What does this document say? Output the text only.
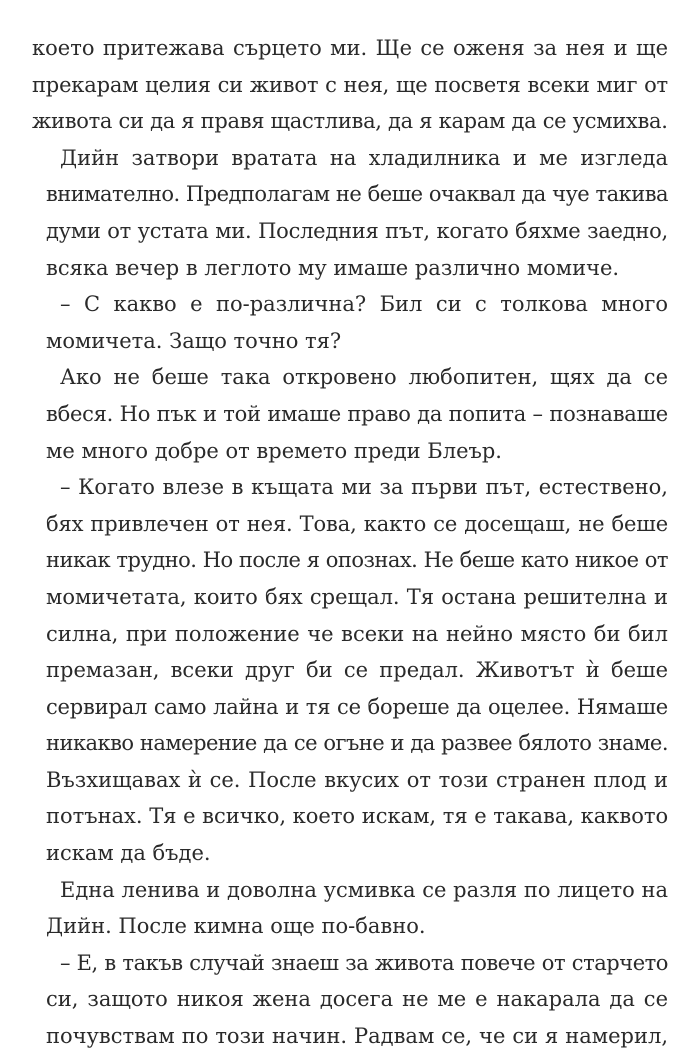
което притежава сърцето ми. Ще се оженя за нея и ще
прекарам целия си живот с нея, ще посветя всеки миг от
живота си да я правя щастлива, да я карам да се усмихва.

Дийн затвори вратата на хладилника и ме изгледа
внимателно. Предполагам не беше очаквал да чуе такива
думи от устата ми. Последния път, когато бяхме заедно,
всяка вечер в леглото му имаше различно момиче.

– С какво е по-различна? Бил си с толкова много
момичета. Защо точно тя?

Ако не беше така откровено любопитен, щях да се
вбеся. Но пък и той имаше право да попита – познаваше
ме много добре от времето преди Блеър.

– Когато влезе в къщата ми за първи път, естествено,
бях привлечен от нея. Това, както се досещаш, не беше
никак трудно. Но после я опознах. Не беше като никое от
момичетата, които бях срещал. Тя остана решителна и
силна, при положение че всеки на нейно място би бил
премазан, всеки друг би се предал. Животът ѝ беше
сервирал само лайна и тя се бореше да оцелее. Нямаше
никакво намерение да се огъне и да развее бялото знаме.
Възхищавах ѝ се. После вкусих от този странен плод и
потънах. Тя е всичко, което искам, тя е такава, каквото
искам да бъде.

Една ленива и доволна усмивка се разля по лицето на
Дийн. После кимна още по-бавно.

– Е, в такъв случай знаеш за живота повече от старчето
си, защото никоя жена досега не ме е накарала да се
почувствам по този начин. Радвам се, че си я намерил,
